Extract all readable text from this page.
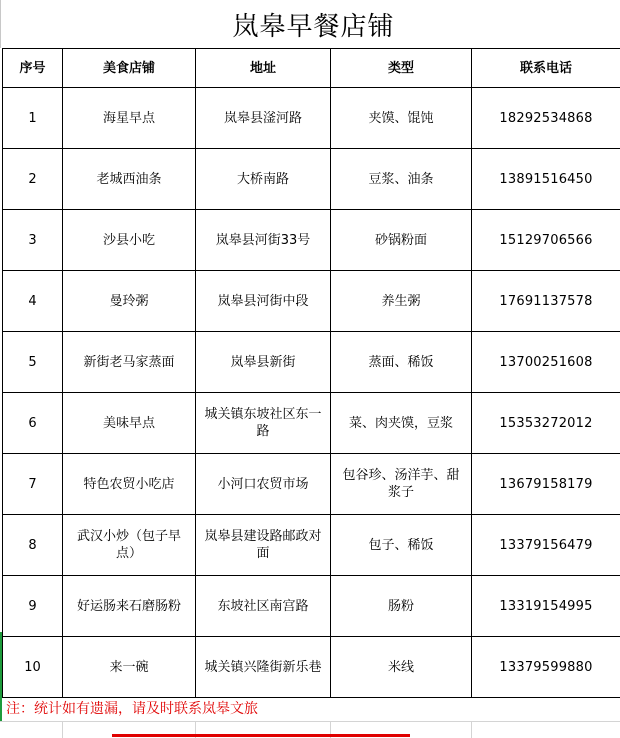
岚皋早餐店铺
序号	美食店铺	地址	类型	联系电话
1	海星早点	岚皋县滏河路	夹馍、馄饨	18292534868
2	老城西油条	大桥南路	豆浆、油条	13891516450
3	沙县小吃	岚皋县河街33号	砂锅粉面	15129706566
4	曼玲粥	岚皋县河街中段	养生粥	17691137578
5	新街老马家蒸面	岚皋县新街	蒸面、稀饭	13700251608
6	美味早点	城关镇东坡社区东一路	菜、肉夹馍，豆浆	15353272012
7	特色农贸小吃店	小河口农贸市场	包谷珍、汤洋芋、甜浆子	13679158179
8	武汉小炒（包子早点）	岚皋县建设路邮政对面	包子、稀饭	13379156479
9	好运肠来石磨肠粉	东坡社区南宫路	肠粉	13319154995
10	来一碗	城关镇兴隆街新乐巷	米线	13379599880
注：统计如有遗漏，请及时联系岚皋文旅
